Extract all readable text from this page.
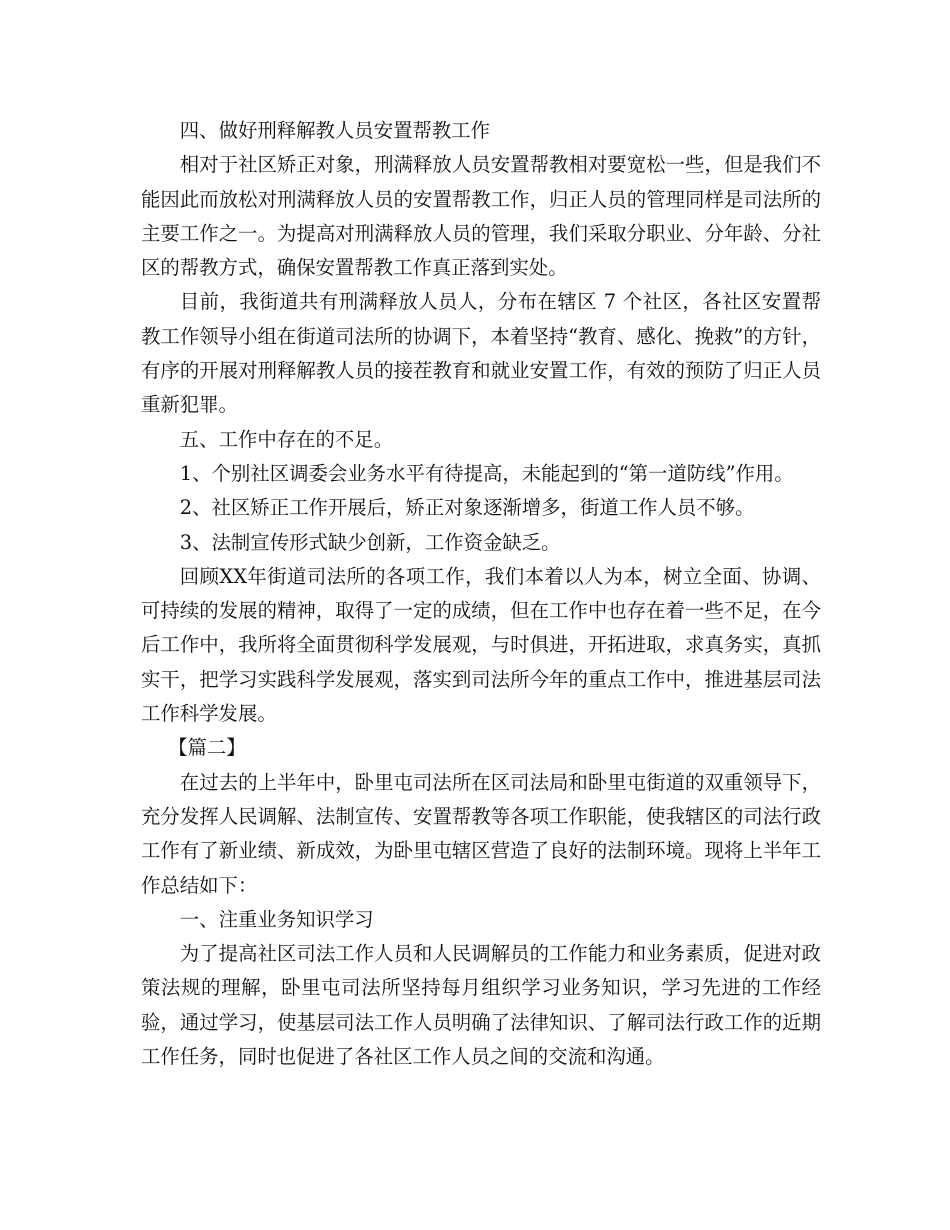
四、做好刑释解教人员安置帮教工作

相对于社区矫正对象，刑满释放人员安置帮教相对要宽松一些，但是我们不能因此而放松对刑满释放人员的安置帮教工作，归正人员的管理同样是司法所的主要工作之一。为提高对刑满释放人员的管理，我们采取分职业、分年龄、分社区的帮教方式，确保安置帮教工作真正落到实处。

目前，我街道共有刑满释放人员人，分布在辖区 7 个社区，各社区安置帮教工作领导小组在街道司法所的协调下，本着坚持“教育、感化、挽救”的方针，有序的开展对刑释解教人员的接茬教育和就业安置工作，有效的预防了归正人员重新犯罪。

五、工作中存在的不足。

1、个别社区调委会业务水平有待提高，未能起到的“第一道防线”作用。

2、社区矫正工作开展后，矫正对象逐渐增多，街道工作人员不够。

3、法制宣传形式缺少创新，工作资金缺乏。

回顾XX年街道司法所的各项工作，我们本着以人为本，树立全面、协调、可持续的发展的精神，取得了一定的成绩，但在工作中也存在着一些不足，在今后工作中，我所将全面贯彻科学发展观，与时俱进，开拓进取，求真务实，真抓实干，把学习实践科学发展观，落实到司法所今年的重点工作中，推进基层司法工作科学发展。

【篇二】

在过去的上半年中，卧里屯司法所在区司法局和卧里屯街道的双重领导下，充分发挥人民调解、法制宣传、安置帮教等各项工作职能，使我辖区的司法行政工作有了新业绩、新成效，为卧里屯辖区营造了良好的法制环境。现将上半年工作总结如下：

一、注重业务知识学习

为了提高社区司法工作人员和人民调解员的工作能力和业务素质，促进对政策法规的理解，卧里屯司法所坚持每月组织学习业务知识，学习先进的工作经验，通过学习，使基层司法工作人员明确了法律知识、了解司法行政工作的近期工作任务，同时也促进了各社区工作人员之间的交流和沟通。
